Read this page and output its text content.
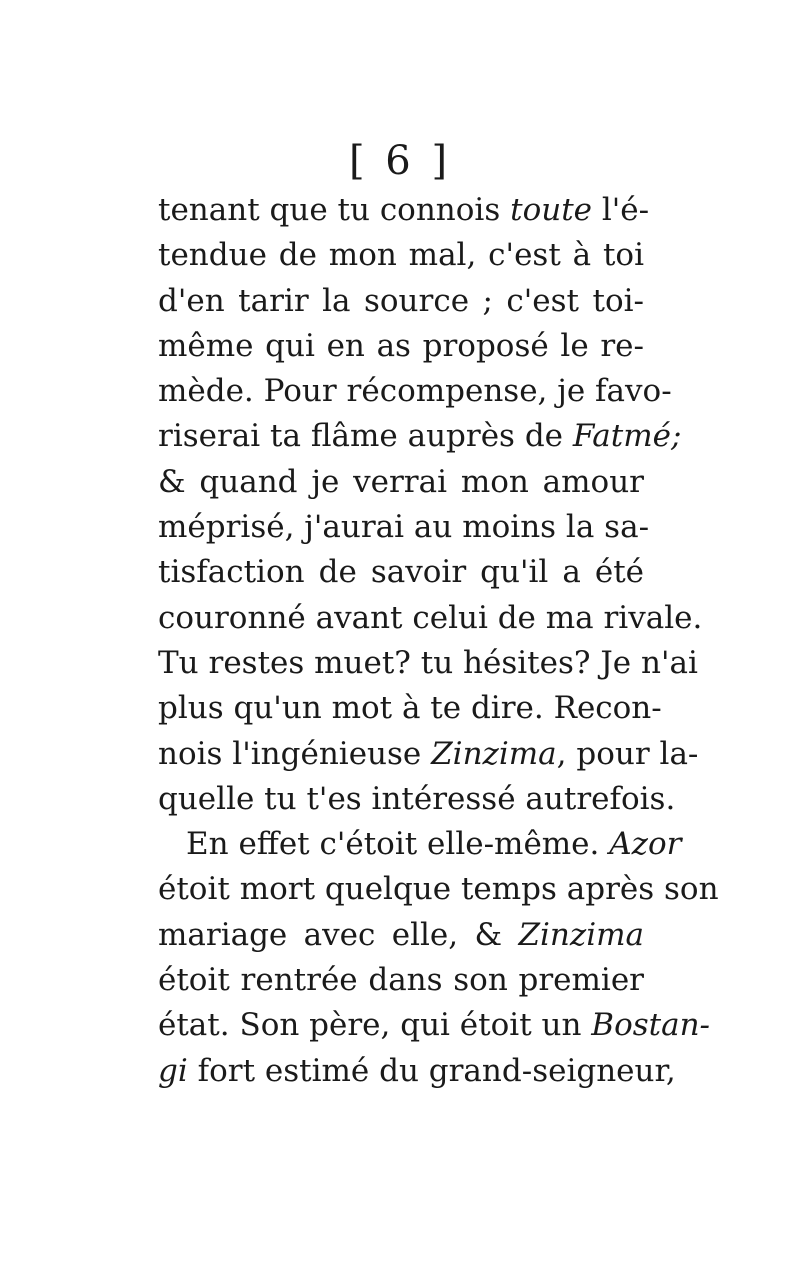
[ 6 ]
tenant que tu connois toute l'é-
tendue de mon mal, c'est à toi
d'en tarir la source ; c'est toi-
même qui en as proposé le re-
mède. Pour récompense, je favo-
riserai ta flâme auprès de Fatmé;
& quand je verrai mon amour
méprisé, j'aurai au moins la sa-
tisfaction de savoir qu'il a été
couronné avant celui de ma rivale.
Tu restes muet? tu hésites? Je n'ai
plus qu'un mot à te dire. Recon-
nois l'ingénieuse Zinzima, pour la-
quelle tu t'es intéressé autrefois.
En effet c'étoit elle-même. Azor
étoit mort quelque temps après son
mariage avec elle, & Zinzima
étoit rentrée dans son premier
état. Son père, qui étoit un Bostan-
gi fort estimé du grand-seigneur,
